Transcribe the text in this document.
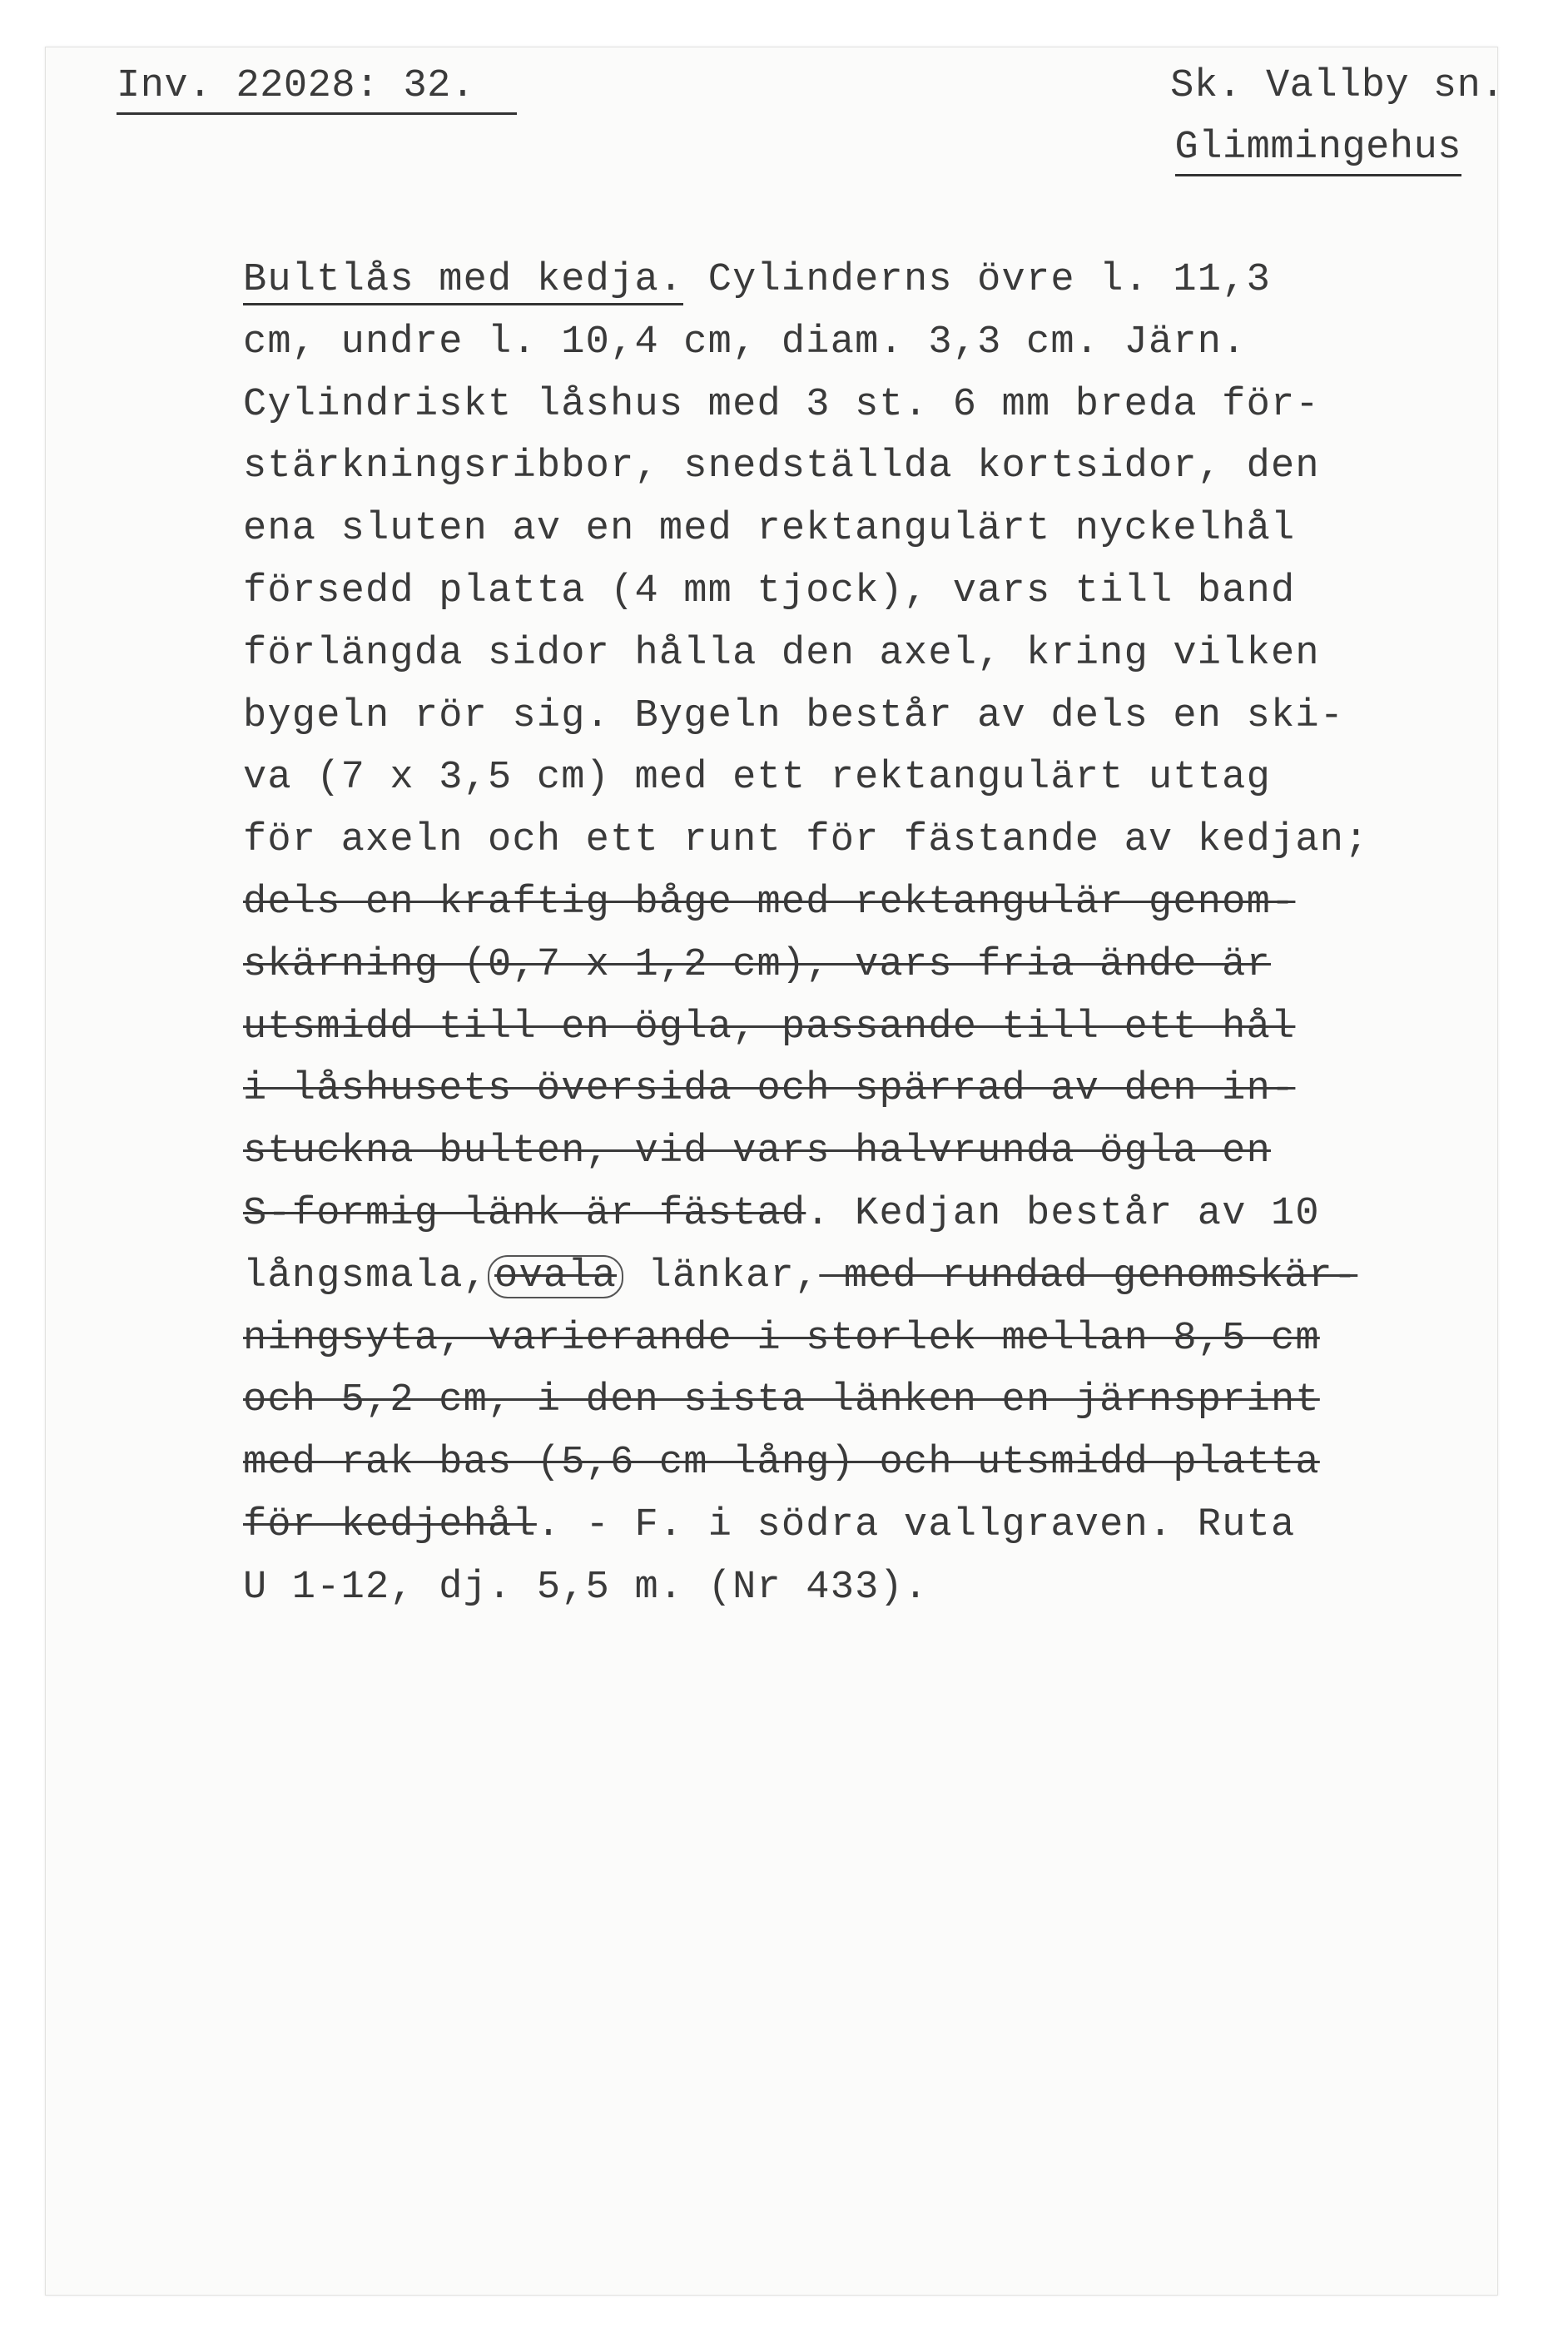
Inv. 22028: 32.	Sk. Vallby sn.
Glimmingehus
Bultlås med kedja. Cylinderns övre l. 11,3
cm, undre l. 10,4 cm, diam. 3,3 cm. Järn.
Cylindriskt låshus med 3 st. 6 mm breda för-
stärkningsribbor, snedställda kortsidor, den
ena sluten av en med rektangulärt nyckelhål
försedd platta (4 mm tjock), vars till band
förlängda sidor hålla den axel, kring vilken
bygeln rör sig. Bygeln består av dels en ski-
va (7 x 3,5 cm) med ett rektangulärt uttag
för axeln och ett runt för fästande av kedjan;
dels en kraftig båge med rektangulär genom-
skärning (0,7 x 1,2 cm), vars fria ände är
utsmidd till en ögla, passande till ett hål
i låshusets översida och spärrad av den in-
stuckna bulten, vid vars halvrunda ögla en
S-formig länk är fästad. Kedjan består av 10
långsmala, ovala länkar, med rundad genomskär-
ningsyta, varierande i storlek mellan 8,5 cm
och 5,2 cm, i den sista länken en järnsprint
med rak bas (5,6 cm lång) och utsmidd platta
för kedjehål. - F. i södra vallgraven. Ruta
U 1-12, dj. 5,5 m. (Nr 433).
